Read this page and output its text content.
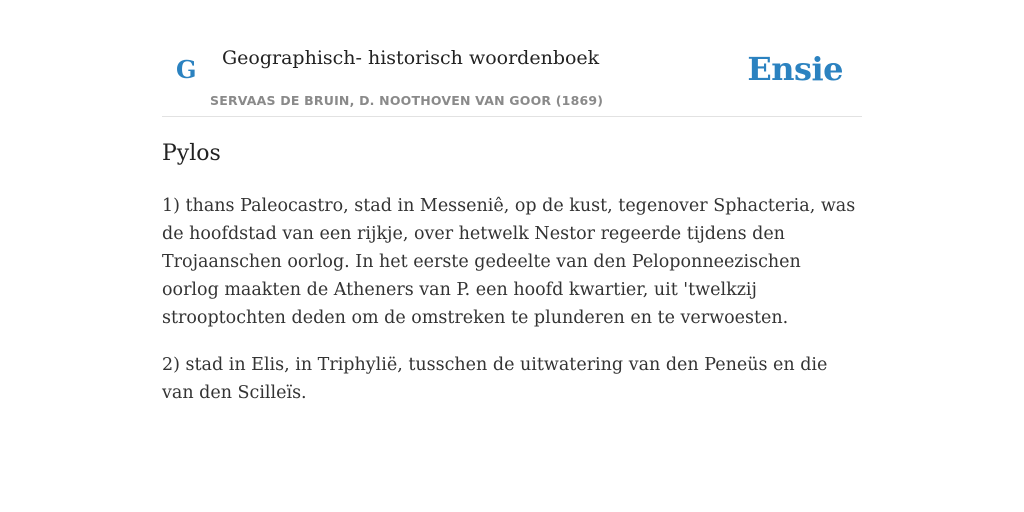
G Geographisch- historisch woordenboek
SERVAAS DE BRUIN, D. NOOTHOVEN VAN GOOR (1869)
Ensie
Pylos

1) thans Paleocastro, stad in Messeniê, op de kust, tegenover Sphacteria, was de hoofdstad van een rijkje, over hetwelk Nestor regeerde tijdens den Trojaanschen oorlog. In het eerste gedeelte van den Peloponneezischen oorlog maakten de Atheners van P. een hoofd kwartier, uit 'twelkzij strooptochten deden om de omstreken te plunderen en te verwoesten.

2) stad in Elis, in Triphylië, tusschen de uitwatering van den Peneüs en die van den Scilleïs.
